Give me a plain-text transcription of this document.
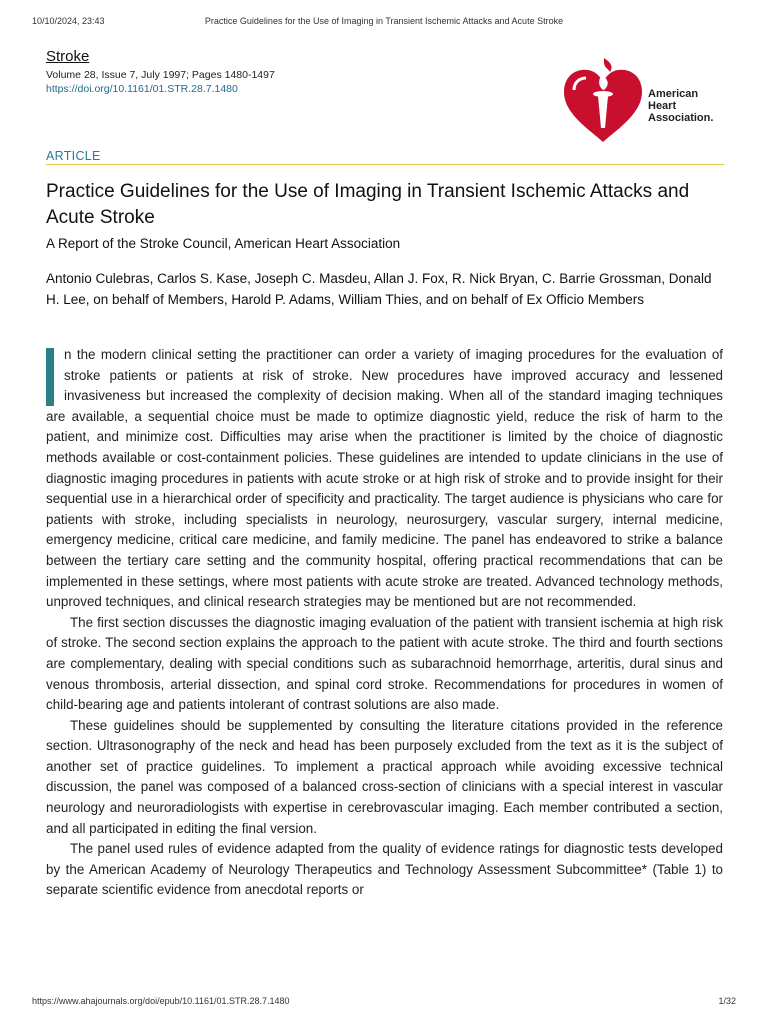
10/10/2024, 23:43	Practice Guidelines for the Use of Imaging in Transient Ischemic Attacks and Acute Stroke
Stroke
Volume 28, Issue 7, July 1997; Pages 1480-1497
https://doi.org/10.1161/01.STR.28.7.1480	American
Heart
Association.
ARTICLE
Practice Guidelines for the Use of Imaging in Transient Ischemic Attacks and Acute Stroke
A Report of the Stroke Council, American Heart Association
Antonio Culebras, Carlos S. Kase, Joseph C. Masdeu, Allan J. Fox, R. Nick Bryan, C. Barrie Grossman, Donald H. Lee, on behalf of Members, Harold P. Adams, William Thies, and on behalf of Ex Officio Members

n the modern clinical setting the practitioner can order a variety of imaging procedures for the evaluation of stroke patients or patients at risk of stroke. New procedures have improved accuracy and lessened invasiveness but increased the complexity of decision making. When all of the standard imaging techniques are available, a sequential choice must be made to optimize diagnostic yield, reduce the risk of harm to the patient, and minimize cost. Difficulties may arise when the practitioner is limited by the choice of diagnostic methods available or cost-containment policies. These guidelines are intended to update clinicians in the use of diagnostic imaging procedures in patients with acute stroke or at high risk of stroke and to provide insight for their sequential use in a hierarchical order of specificity and practicality. The target audience is physicians who care for patients with stroke, including specialists in neurology, neurosurgery, vascular surgery, internal medicine, emergency medicine, critical care medicine, and family medicine. The panel has endeavored to strike a balance between the tertiary care setting and the community hospital, offering practical recommendations that can be implemented in these settings, where most patients with acute stroke are treated. Advanced technology methods, unproved techniques, and clinical research strategies may be mentioned but are not recommended.

The first section discusses the diagnostic imaging evaluation of the patient with transient ischemia at high risk of stroke. The second section explains the approach to the patient with acute stroke. The third and fourth sections are complementary, dealing with special conditions such as subarachnoid hemorrhage, arteritis, dural sinus and venous thrombosis, arterial dissection, and spinal cord stroke. Recommendations for procedures in women of child-bearing age and patients intolerant of contrast solutions are also made.

These guidelines should be supplemented by consulting the literature citations provided in the reference section. Ultrasonography of the neck and head has been purposely excluded from the text as it is the subject of another set of practice guidelines. To implement a practical approach while avoiding excessive technical discussion, the panel was composed of a balanced cross-section of clinicians with a special interest in vascular neurology and neuroradiologists with expertise in cerebrovascular imaging. Each member contributed a section, and all participated in editing the final version.

The panel used rules of evidence adapted from the quality of evidence ratings for diagnostic tests developed by the American Academy of Neurology Therapeutics and Technology Assessment Subcommittee* (Table 1) to separate scientific evidence from anecdotal reports or

https://www.ahajournals.org/doi/epub/10.1161/01.STR.28.7.1480	1/32
